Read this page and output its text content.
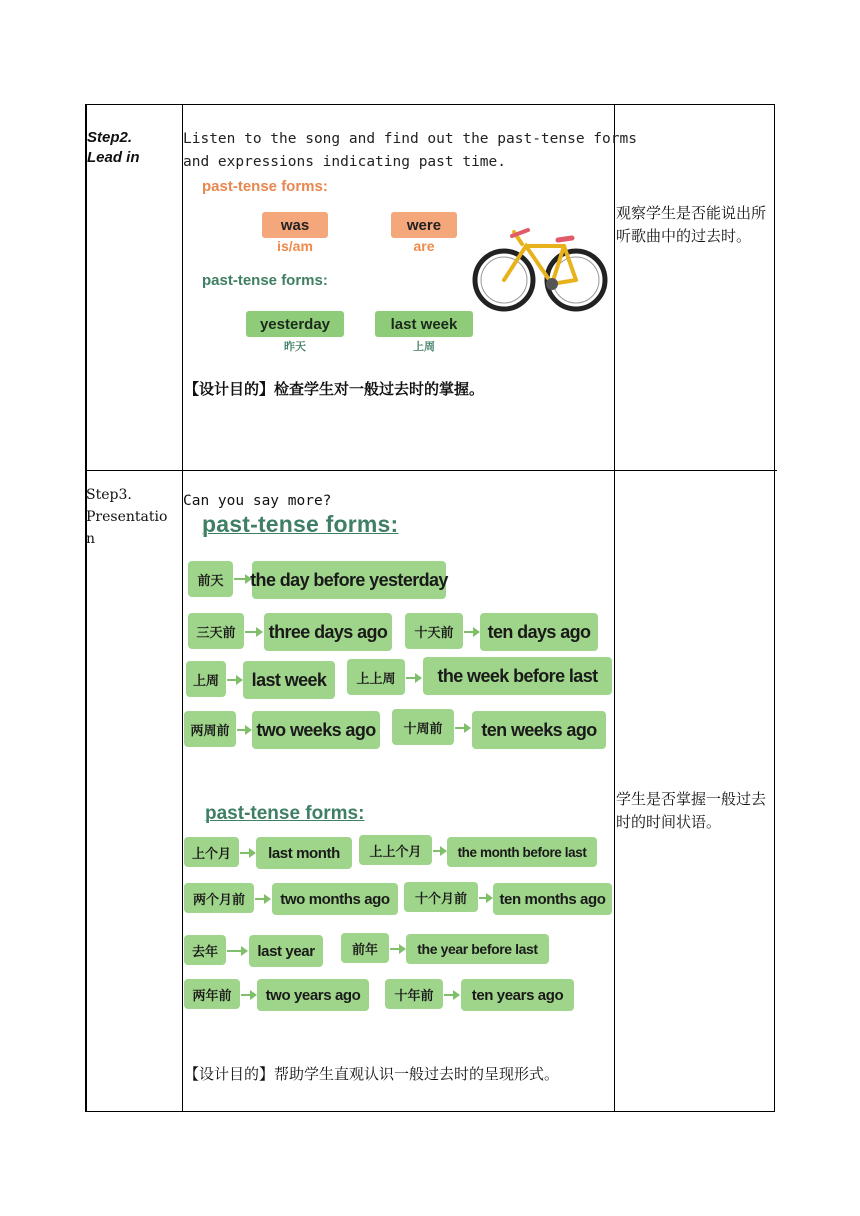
Step2.
Lead in
Listen to the song and find out the past-tense forms
and expressions indicating past time.
past-tense forms:
was
is/am
were
are
past-tense forms:
yesterday
昨天
last week
上周
【设计目的】检查学生对一般过去时的掌握。
观察学生是否能说出所听歌曲中的过去时。
Step3.
Presentatio
n
Can you say more?
past-tense forms:
前天	the day before yesterday
三天前	three days ago	十天前	ten days ago
上周	last week	上上周	the week before last
两周前	two weeks ago	十周前	ten weeks ago
past-tense forms:
上个月	last month	上上个月	the month before last
两个月前	two months ago	十个月前	ten months ago
去年	last year	前年	the year before last
两年前	two years ago	十年前	ten years ago
【设计目的】帮助学生直观认识一般过去时的呈现形式。
学生是否掌握一般过去时的时间状语。
